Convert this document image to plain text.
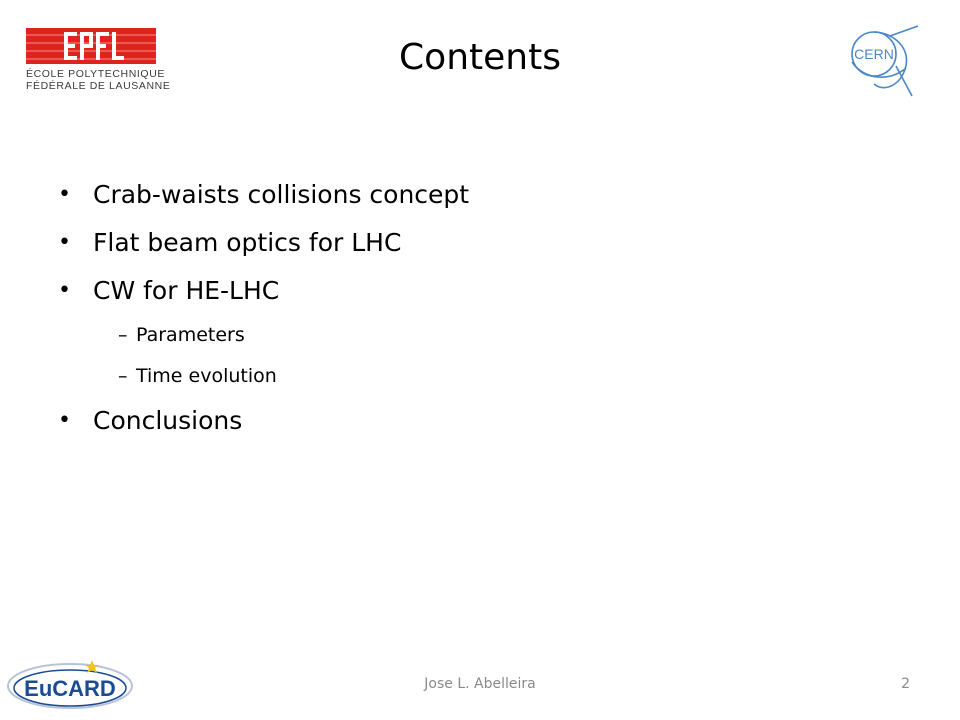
ÉCOLE POLYTECHNIQUE
FÉDÉRALE DE LAUSANNE
Contents	CERN
• Crab-waists collisions concept
• Flat beam optics for LHC
• CW for HE-LHC
– Parameters
– Time evolution
• Conclusions
EuCARD	Jose L. Abelleira	2
